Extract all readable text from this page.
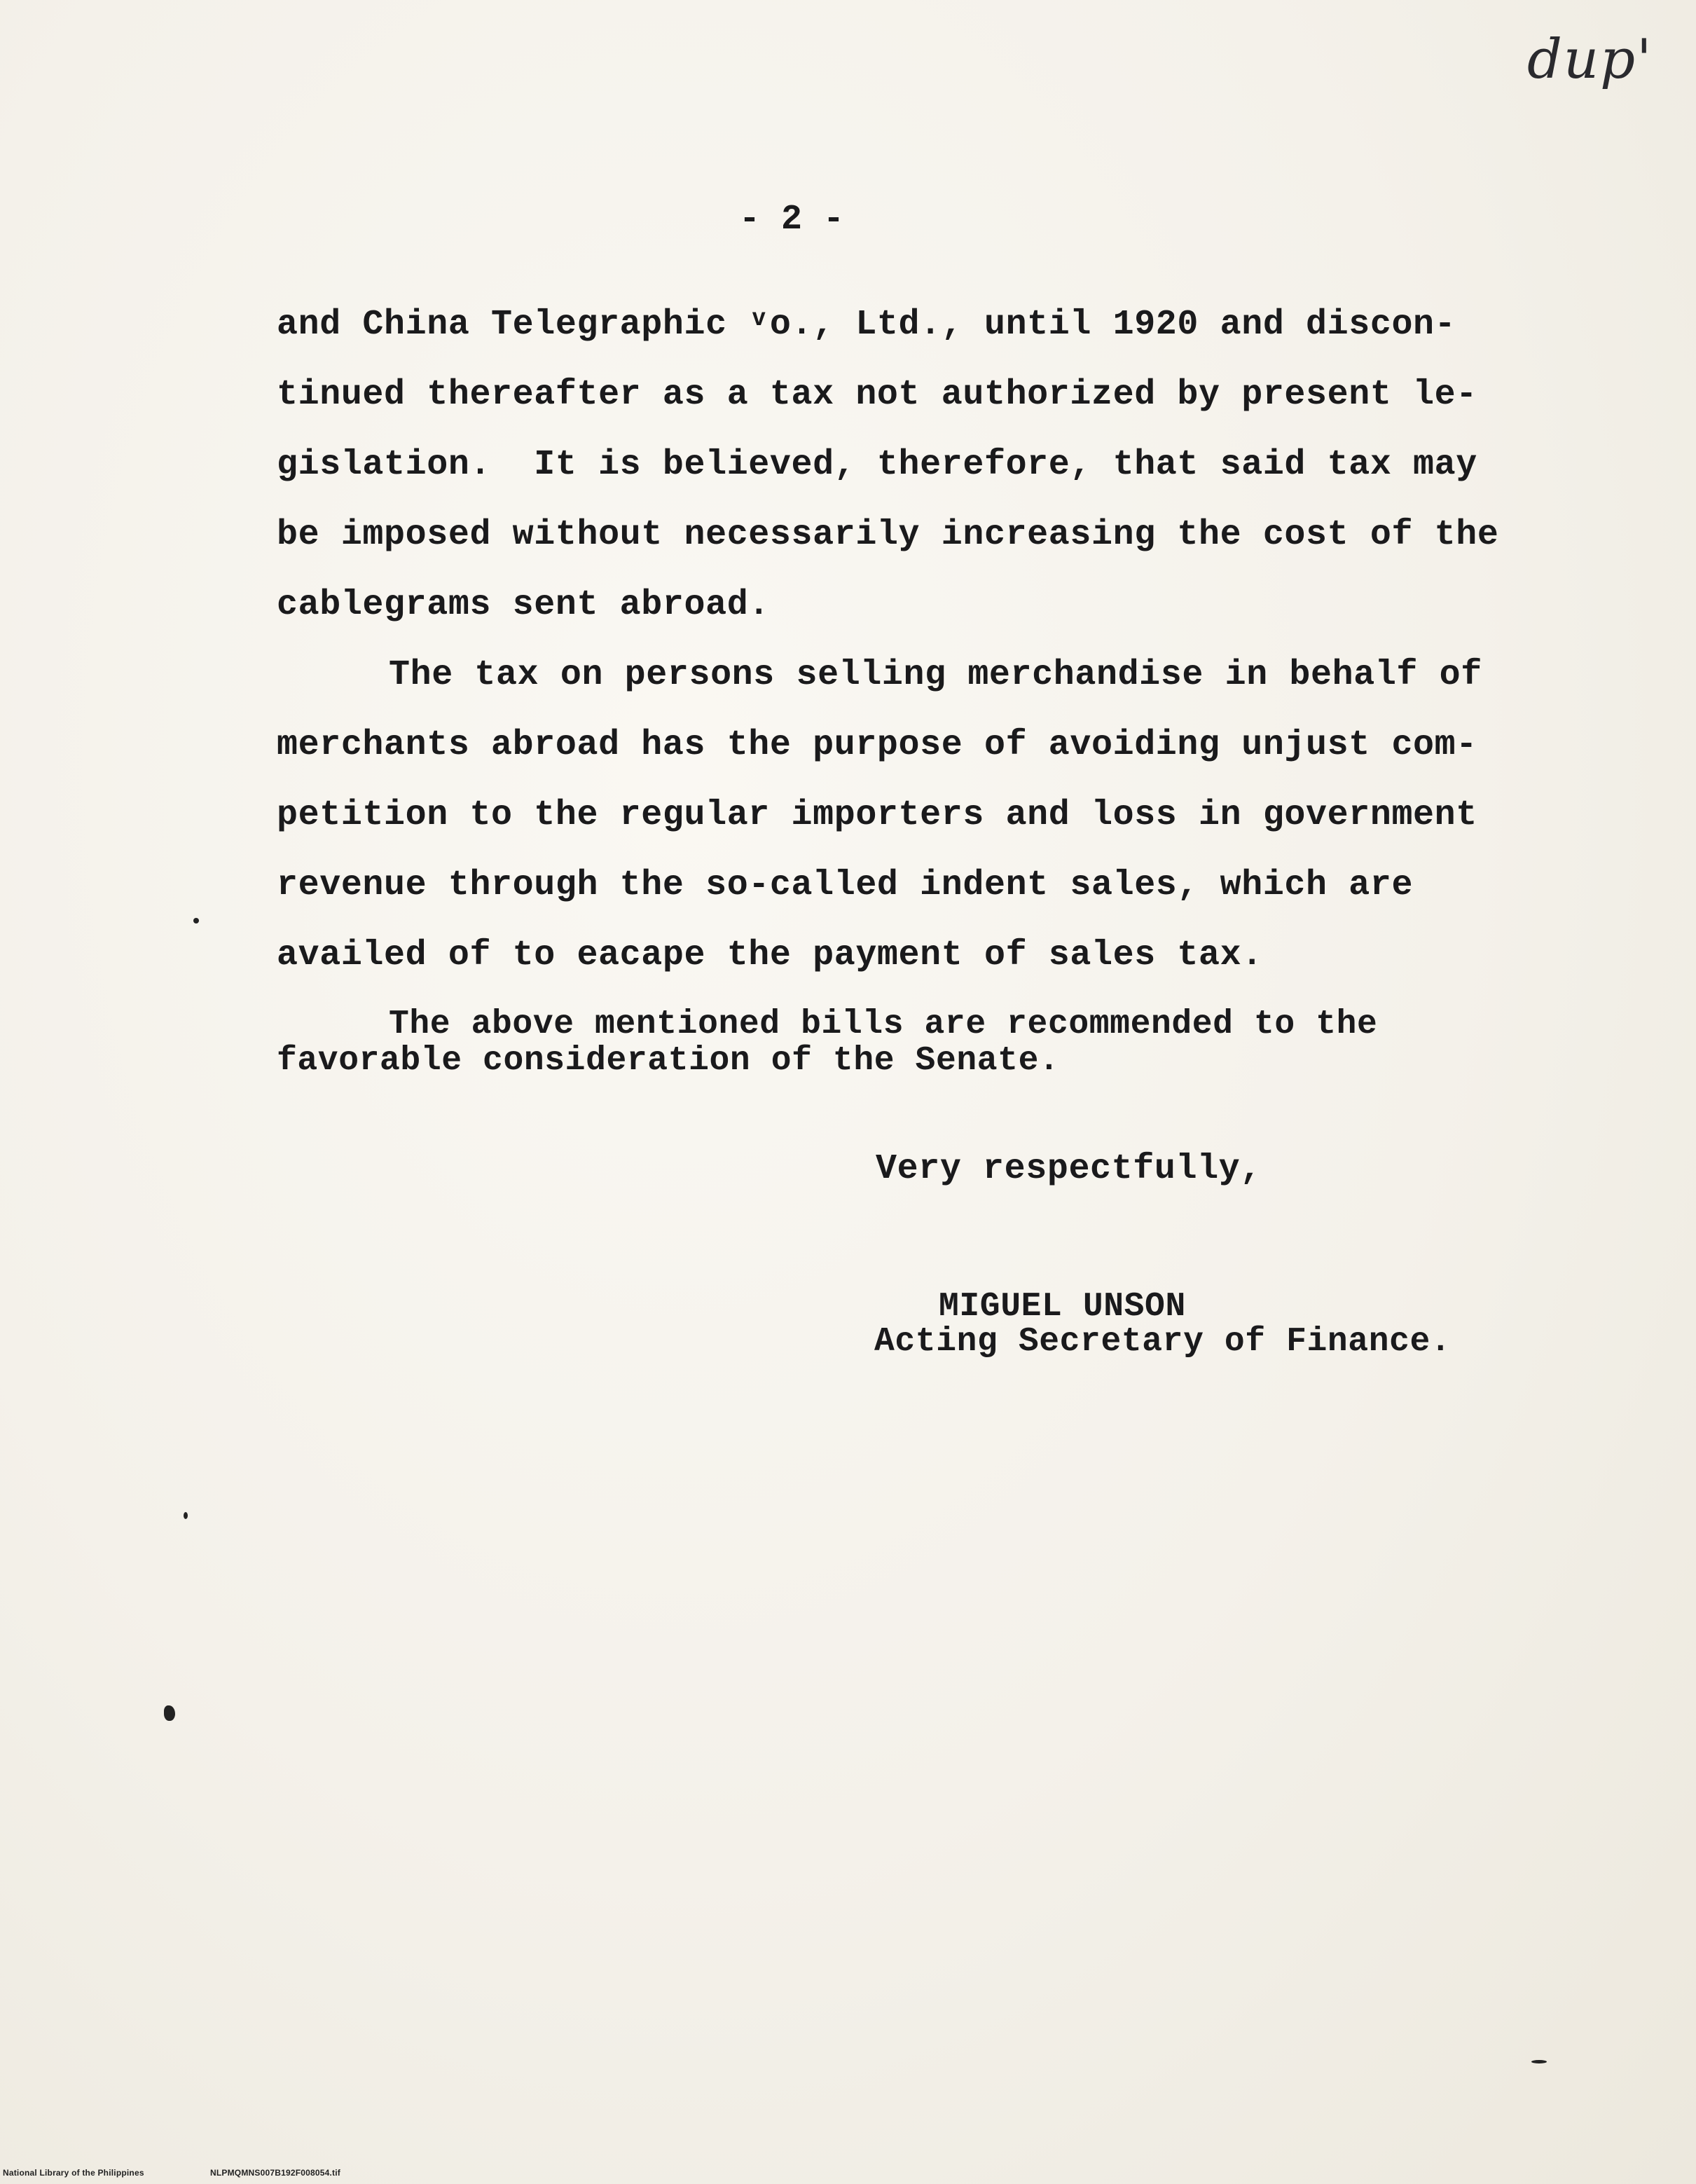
dup'
- 2 -
and China Telegraphic ᵛo., Ltd., until 1920 and discon-
tinued thereafter as a tax not authorized by present le-
gislation.  It is believed, therefore, that said tax may
be imposed without necessarily increasing the cost of the
cablegrams sent abroad.
The tax on persons selling merchandise in behalf of
merchants abroad has the purpose of avoiding unjust com-
petition to the regular importers and loss in government
revenue through the so-called indent sales, which are
availed of to eacape the payment of sales tax.
The above mentioned bills are recommended to the
favorable consideration of the Senate.
Very respectfully,
MIGUEL UNSON
Acting Secretary of Finance.
National Library of the Philippines	NLPMQMNS007B192F008054.tif
